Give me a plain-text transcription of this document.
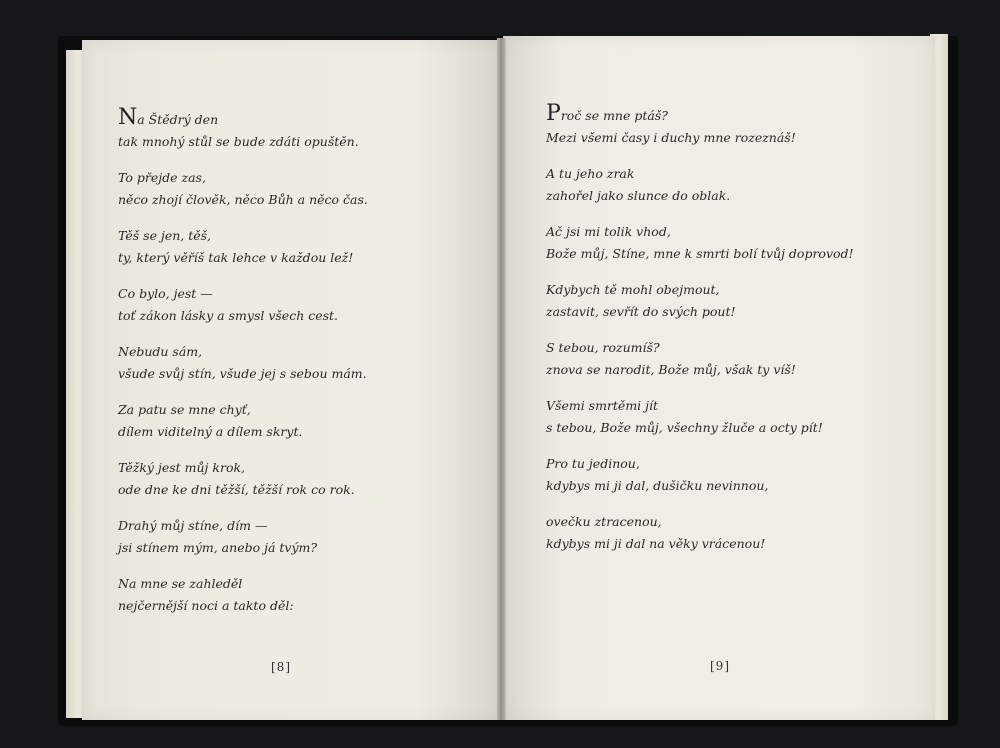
Na Štědrý den
tak mnohý stůl se bude zdáti opuštěn.
To přejde zas,
něco zhojí člověk, něco Bůh a něco čas.
Těš se jen, těš,
ty, který věříš tak lehce v každou lež!
Co bylo, jest —
toť zákon lásky a smysl všech cest.
Nebudu sám,
všude svůj stín, všude jej s sebou mám.
Za patu se mne chyť,
dílem viditelný a dílem skryt.
Těžký jest můj krok,
ode dne ke dni těžší, těžší rok co rok.
Drahý můj stíne, dím —
jsi stínem mým, anebo já tvým?
Na mne se zahleděl
nejčernější noci a takto děl:
Proč se mne ptáš?
Mezi všemi časy i duchy mne rozeznáš!
A tu jeho zrak
zahořel jako slunce do oblak.
Ač jsi mi tolik vhod,
Bože můj, Stíne, mne k smrti bolí tvůj doprovod!
Kdybych tě mohl obejmout,
zastavit, sevřít do svých pout!
S tebou, rozumíš?
znova se narodit, Bože můj, však ty víš!
Všemi smrtěmi jít
s tebou, Bože můj, všechny žluče a octy pít!
Pro tu jedinou,
kdybys mi ji dal, dušičku nevinnou,
ovečku ztracenou,
kdybys mi ji dal na věky vrácenou!
[8]	[9]
